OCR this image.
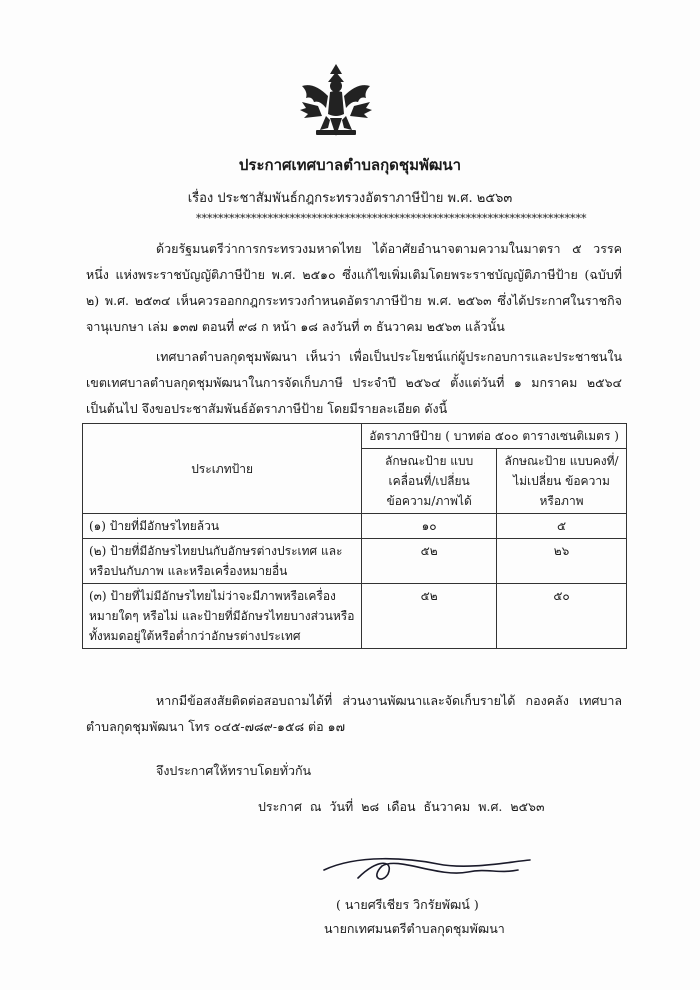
ประกาศเทศบาลตำบลกุดชุมพัฒนา
เรื่อง ประชาสัมพันธ์กฎกระทรวงอัตราภาษีป้าย พ.ศ. ๒๕๖๓
***********************************************************************
ด้วยรัฐมนตรีว่าการกระทรวงมหาดไทย ได้อาศัยอำนาจตามความในมาตรา ๕ วรรคหนึ่ง แห่งพระราชบัญญัติภาษีป้าย พ.ศ. ๒๕๑๐ ซึ่งแก้ไขเพิ่มเติมโดยพระราชบัญญัติภาษีป้าย (ฉบับที่ ๒) พ.ศ. ๒๕๓๔ เห็นควรออกกฎกระทรวงกำหนดอัตราภาษีป้าย พ.ศ. ๒๕๖๓ ซึ่งได้ประกาศในราชกิจจานุเบกษา เล่ม ๑๓๗ ตอนที่ ๙๘ ก หน้า ๑๘ ลงวันที่ ๓ ธันวาคม ๒๕๖๓ แล้วนั้น
เทศบาลตำบลกุดชุมพัฒนา เห็นว่า เพื่อเป็นประโยชน์แก่ผู้ประกอบการและประชาชนในเขตเทศบาลตำบลกุดชุมพัฒนาในการจัดเก็บภาษี ประจำปี ๒๕๖๔ ตั้งแต่วันที่ ๑ มกราคม ๒๕๖๔ เป็นต้นไป จึงขอประชาสัมพันธ์อัตราภาษีป้าย โดยมีรายละเอียด ดังนี้
ประเภทป้าย	อัตราภาษีป้าย ( บาทต่อ ๕๐๐ ตารางเซนติเมตร )	
	ลักษณะป้าย แบบเคลื่อนที่/เปลี่ยน ข้อความ/ภาพได้	ลักษณะป้าย แบบคงที่/ไม่เปลี่ยน ข้อความหรือภาพ
(๑) ป้ายที่มีอักษรไทยล้วน	๑๐	๕
(๒) ป้ายที่มีอักษรไทยปนกับอักษรต่างประเทศ และหรือปนกับภาพ และหรือเครื่องหมายอื่น	๕๒	๒๖
(๓) ป้ายที่ไม่มีอักษรไทยไม่ว่าจะมีภาพหรือเครื่องหมายใดๆ หรือไม่ และป้ายที่มีอักษรไทยบางส่วนหรือทั้งหมดอยู่ใต้หรือต่ำกว่าอักษรต่างประเทศ	๕๒	๕๐
หากมีข้อสงสัยติดต่อสอบถามได้ที่ ส่วนงานพัฒนาและจัดเก็บรายได้ กองคลัง เทศบาลตำบลกุดชุมพัฒนา โทร ๐๔๕-๗๘๙-๑๕๘ ต่อ ๑๗
จึงประกาศให้ทราบโดยทั่วกัน
ประกาศ ณ วันที่ ๒๘ เดือน ธันวาคม พ.ศ. ๒๕๖๓
( นายศรีเชียร วิกรัยพัฒน์ )
นายกเทศมนตรีตำบลกุดชุมพัฒนา
